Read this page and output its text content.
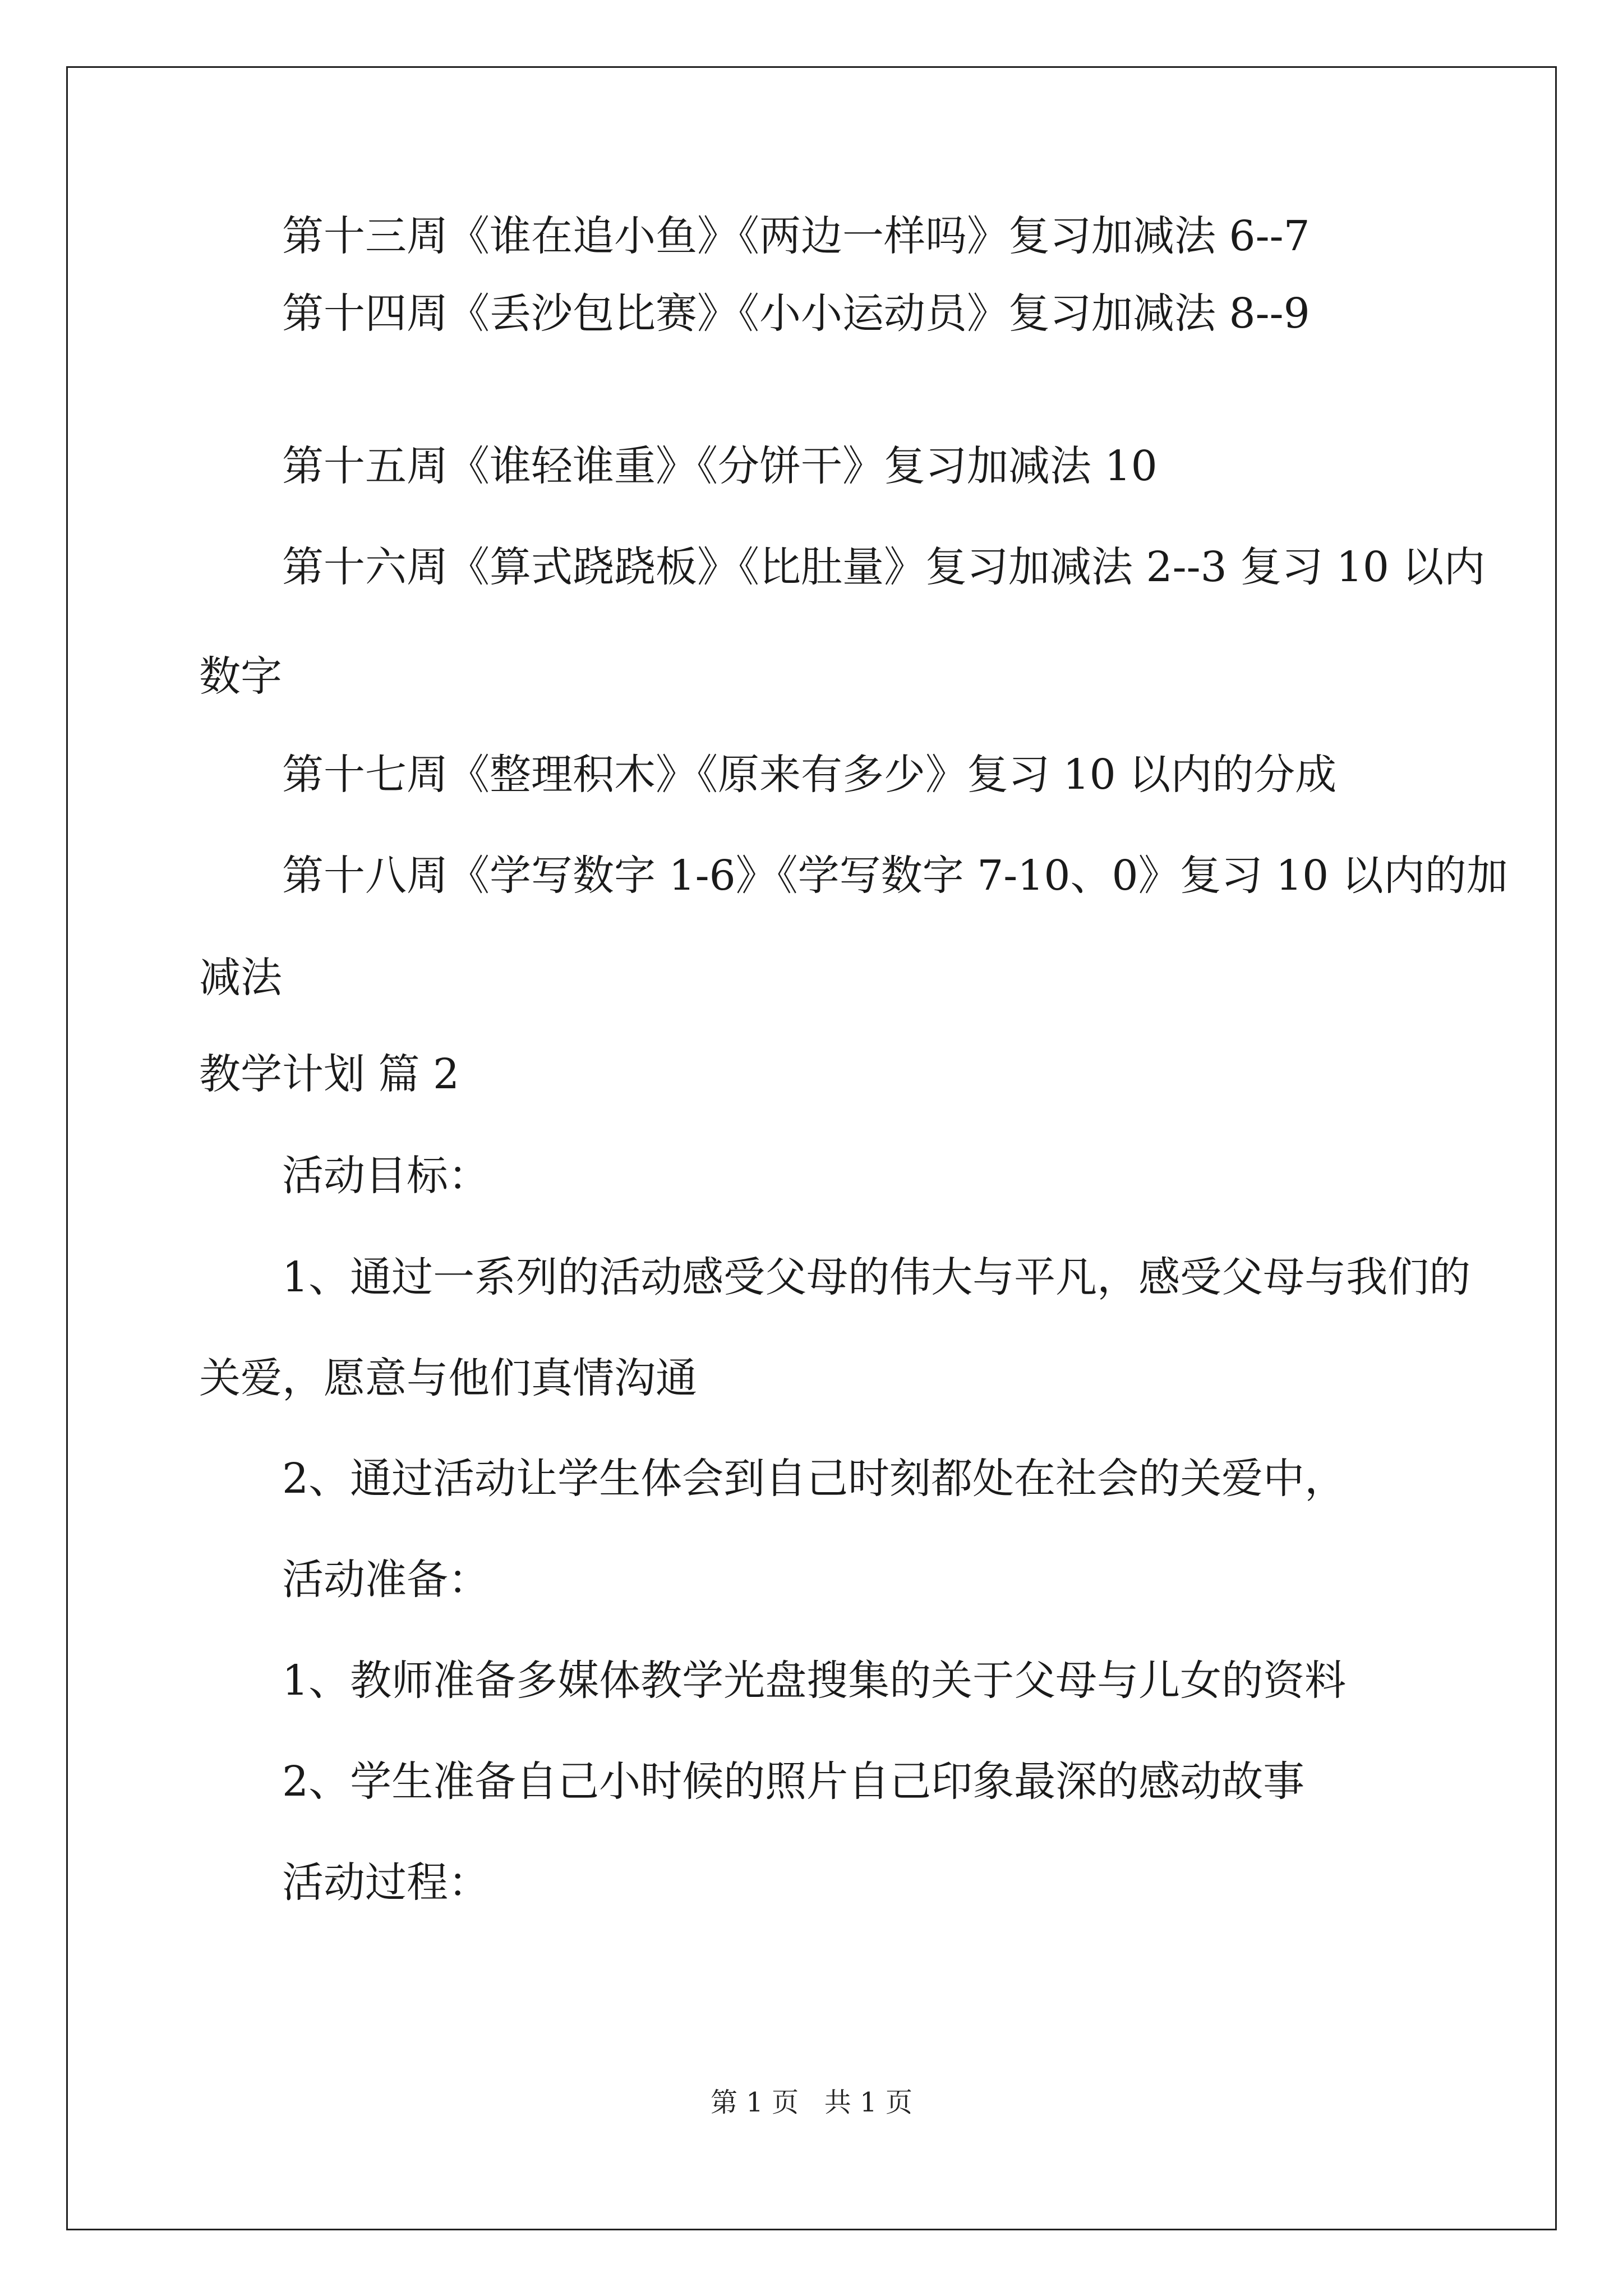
第十三周《谁在追小鱼》《两边一样吗》复习加减法 6--7

第十四周《丢沙包比赛》《小小运动员》复习加减法 8--9

第十五周《谁轻谁重》《分饼干》复习加减法 10

第十六周《算式跷跷板》《比肚量》复习加减法 2--3 复习 10 以内

数字

第十七周《整理积木》《原来有多少》复习 10 以内的分成

第十八周《学写数字 1-6》《学写数字 7-10、0》复习 10 以内的加

减法

教学计划 篇 2

活动目标：

1、通过一系列的活动感受父母的伟大与平凡，感受父母与我们的

关爱，愿意与他们真情沟通

2、通过活动让学生体会到自己时刻都处在社会的关爱中，

活动准备：

1、教师准备多媒体教学光盘搜集的关于父母与儿女的资料

2、学生准备自己小时候的照片自己印象最深的感动故事

活动过程：

第 1 页 共 1 页
